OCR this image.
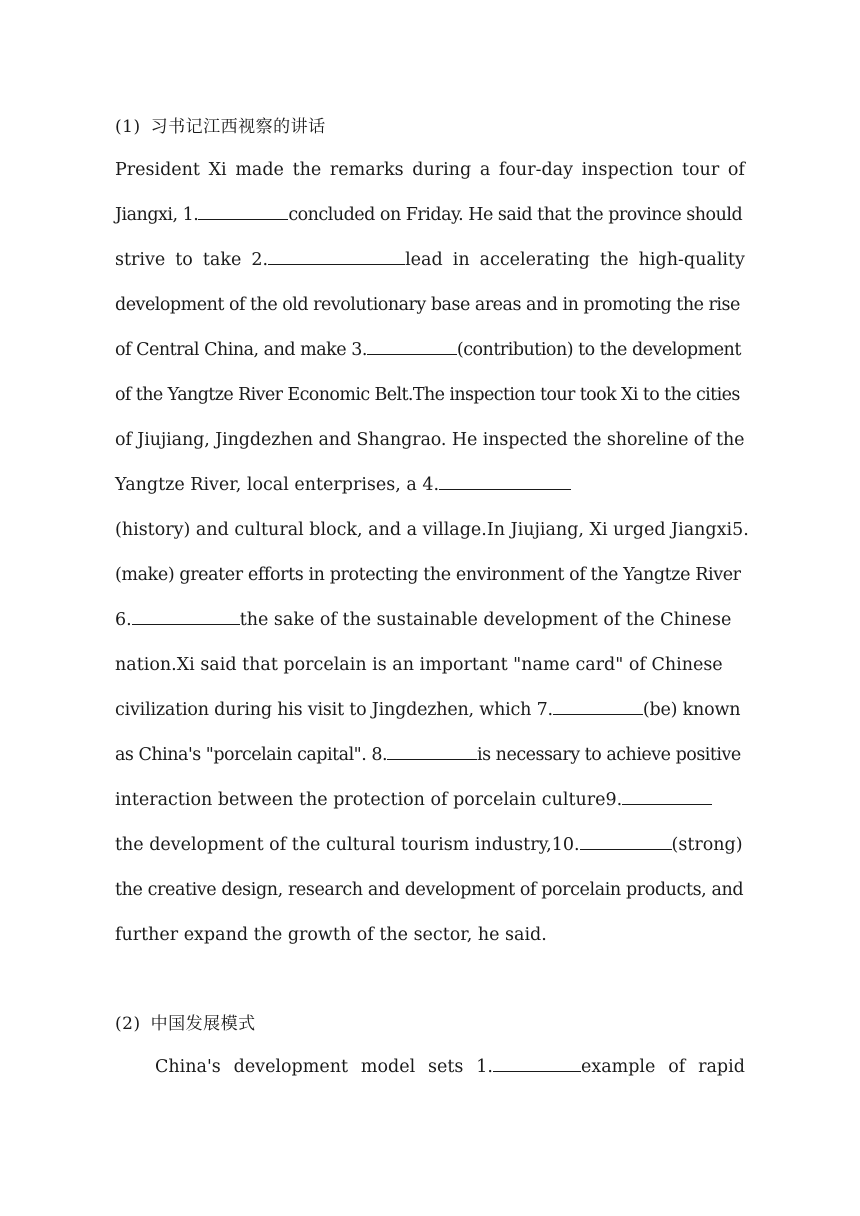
(1) 习书记江西视察的讲话
President Xi made the remarks during a four-day inspection tour of
Jiangxi, 1.	concluded on Friday. He said that the province should
strive to take 2.	lead in accelerating the high-quality
development of the old revolutionary base areas and in promoting the rise
of Central China, and make 3.	(contribution) to the development
of the Yangtze River Economic Belt.The inspection tour took Xi to the cities
of Jiujiang, Jingdezhen and Shangrao. He inspected the shoreline of the
Yangtze River, local enterprises, a 4.
(history) and cultural block, and a village.In Jiujiang, Xi urged Jiangxi 5.
(make) greater efforts in protecting the environment of the Yangtze River
6.	the sake of the sustainable development of the Chinese
nation.Xi said that porcelain is an important "name card" of Chinese
civilization during his visit to Jingdezhen, which 7.	(be) known
as China's "porcelain capital". 8.	is necessary to achieve positive
interaction between the protection of porcelain culture9.
the development of the cultural tourism industry,10.	(strong)
the creative design, research and development of porcelain products, and
further expand the growth of the sector, he said.
(2) 中国发展模式
China's development model sets 1.	example of rapid
